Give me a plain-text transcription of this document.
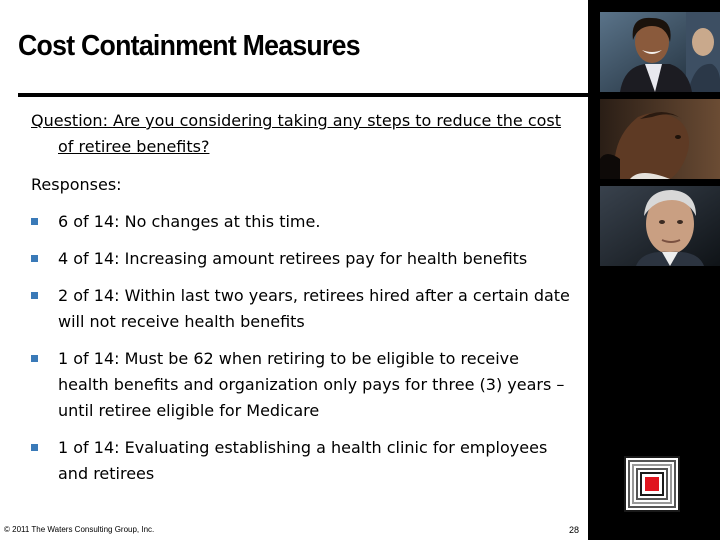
Cost Containment Measures

Question: Are you considering taking any steps to reduce the cost of retiree benefits?

Responses:

6 of 14: No changes at this time.
4 of 14: Increasing amount retirees pay for health benefits
2 of 14: Within last two years, retirees hired after a certain date will not receive health benefits
1 of 14: Must be 62 when retiring to be eligible to receive health benefits and organization only pays for three (3) years – until retiree eligible for Medicare
1 of 14: Evaluating establishing a health clinic for employees and retirees
© 2011 The Waters Consulting Group, Inc.	28
